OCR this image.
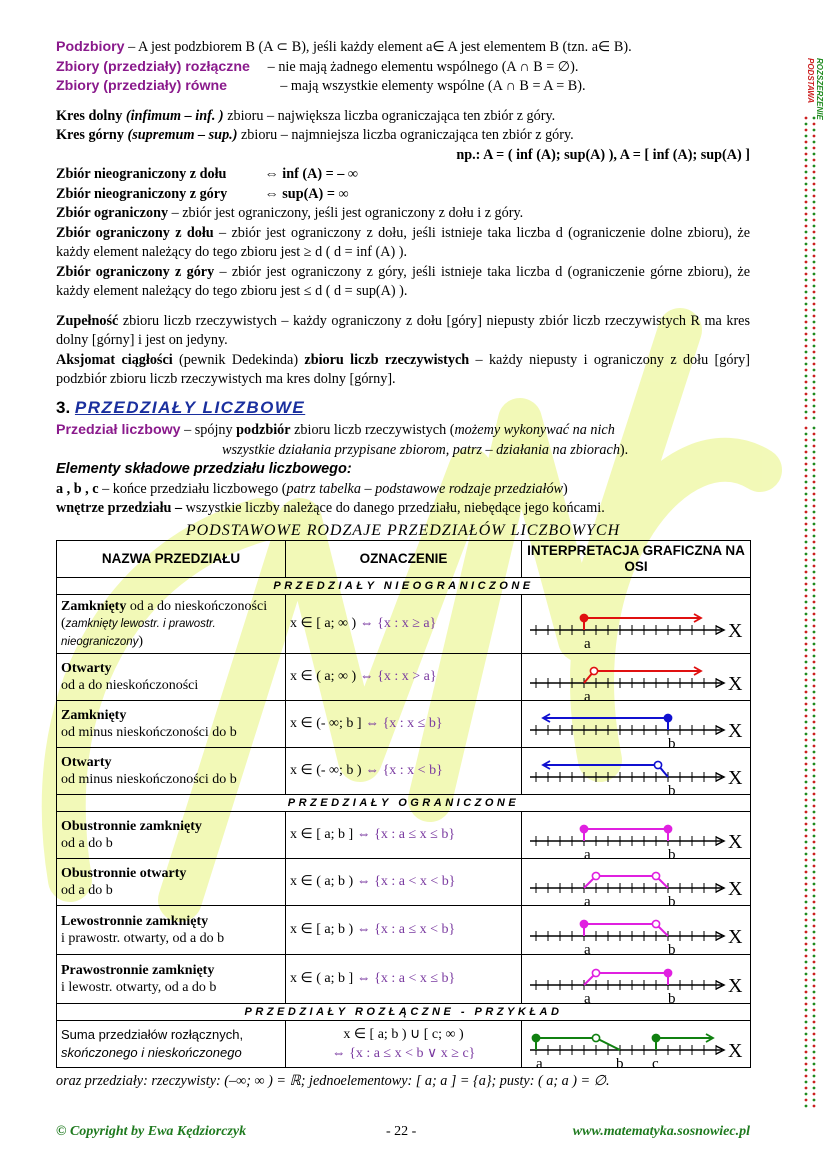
PODSTAWA ROZSZERZENIE
Podzbiory – A jest podzbiorem B (A ⊂ B), jeśli każdy element a∈ A jest elementem B (tzn. a∈ B).
Zbiory (przedziały) rozłączne – nie mają żadnego elementu wspólnego (A ∩ B = ∅).
Zbiory (przedziały) równe	– mają wszystkie elementy wspólne (A ∩ B = A = B).
Kres dolny (infimum – inf. ) zbioru – największa liczba ograniczająca ten zbiór z góry.
Kres górny (supremum – sup.) zbioru – najmniejsza liczba ograniczająca ten zbiór z góry.
np.: A = ( inf (A); sup(A) ), A = [ inf (A); sup(A) ]
Zbiór nieograniczony z dołu	⇔ inf (A) = – ∞
Zbiór nieograniczony z góry	⇔ sup(A) = ∞
Zbiór ograniczony – zbiór jest ograniczony, jeśli jest ograniczony z dołu i z góry.
Zbiór ograniczony z dołu – zbiór jest ograniczony z dołu, jeśli istnieje taka liczba d (ograniczenie dolne zbioru), że każdy element należący do tego zbioru jest ≥ d ( d = inf (A) ).
Zbiór ograniczony z góry – zbiór jest ograniczony z góry, jeśli istnieje taka liczba d (ograniczenie górne zbioru), że każdy element należący do tego zbioru jest ≤ d ( d = sup(A) ).
Zupełność zbioru liczb rzeczywistych – każdy ograniczony z dołu [góry] niepusty zbiór liczb rzeczywistych R ma kres dolny [górny] i jest on jedyny.
Aksjomat ciągłości (pewnik Dedekinda) zbioru liczb rzeczywistych – każdy niepusty i ograniczony z dołu [góry] podzbiór zbioru liczb rzeczywistych ma kres dolny [górny].
3. PRZEDZIAŁY LICZBOWE
Przedział liczbowy – spójny podzbiór zbioru liczb rzeczywistych (możemy wykonywać na nich
wszystkie działania przypisane zbiorom, patrz – działania na zbiorach).
Elementy składowe przedziału liczbowego:
a , b , c – końce przedziału liczbowego (patrz tabelka – podstawowe rodzaje przedziałów)
wnętrze przedziału – wszystkie liczby należące do danego przedziału, niebędące jego końcami.
PODSTAWOWE RODZAJE PRZEDZIAŁÓW LICZBOWYCH
NAZWA PRZEDZIAŁU	OZNACZENIE	INTERPRETACJA GRAFICZNA NA OSI
PRZEDZIAŁY NIEOGRANICZONE		
Zamknięty od a do nieskończoności (zamknięty lewostr. i prawostr. nieograniczony)	x ∈ [ a; ∞ ) ⇔ {x : x ≥ a}	X
a

Otwarty
od a do nieskończoności	x ∈ ( a; ∞ ) ⇔ {x : x > a}	X
a

Zamknięty
od minus nieskończoności do b	x ∈ (- ∞; b ] ⇔ {x : x ≤ b}	X
b

Otwarty
od minus nieskończoności do b	x ∈ (- ∞; b ) ⇔ {x : x < b}	X
b

PRZEDZIAŁY OGRANICZONE		
Obustronnie zamknięty
od a do b	x ∈ [ a; b ] ⇔ {x : a ≤ x ≤ b}	X
a b

Obustronnie otwarty
od a do b	x ∈ ( a; b ) ⇔ {x : a < x < b}	X
a b

Lewostronnie zamknięty
i prawostr. otwarty, od a do b	x ∈ [ a; b ) ⇔ {x : a ≤ x < b}	X
a b

Prawostronnie zamknięty
i lewostr. otwarty, od a do b	x ∈ ( a; b ] ⇔ {x : a < x ≤ b}	X
a b

PRZEDZIAŁY ROZŁĄCZNE - PRZYKŁAD		
Suma przedziałów rozłącznych,
skończonego i nieskończonego	x ∈ [ a; b ) ∪ [ c; ∞ )
⇔ {x : a ≤ x < b ∨ x ≥ c}	X
a b c
oraz przedziały: rzeczywisty: (–∞; ∞ ) = ℝ; jednoelementowy: [ a; a ] = {a}; pusty: ( a; a ) = ∅.
© Copyright by Ewa Kędziorczyk	- 22 -	www.matematyka.sosnowiec.pl
